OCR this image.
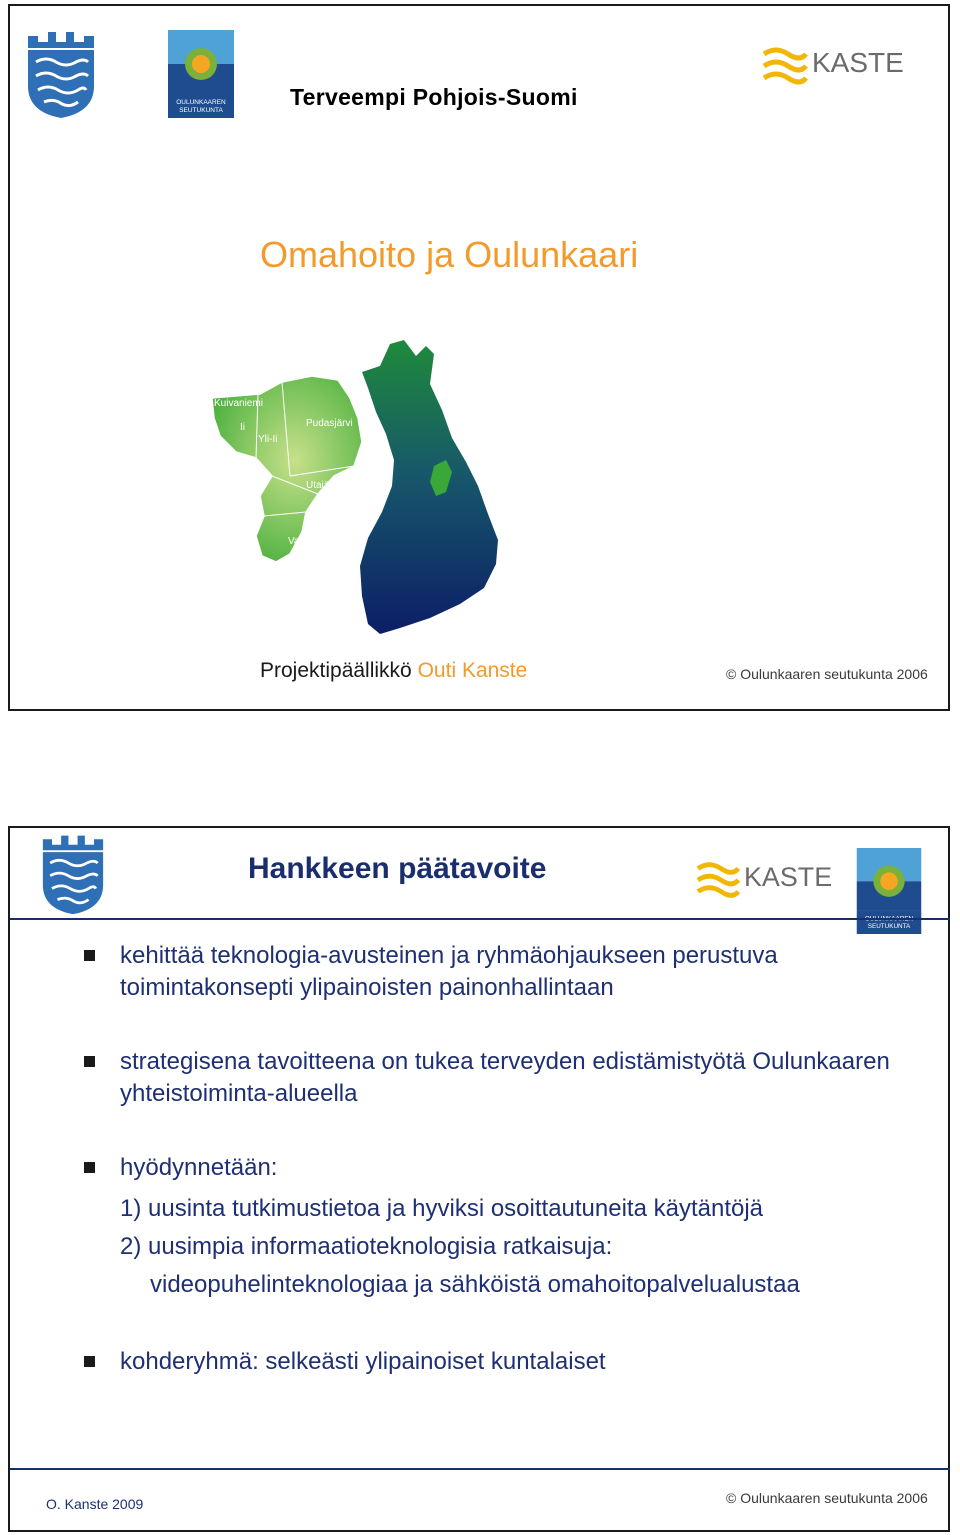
OULUNKAAREN
SEUTUKUNTA
Terveempi Pohjois-Suomi
KASTE
Omahoito ja Oulunkaari
Kuivaniemi
Ii
Yli-Ii
Pudasjärvi
Utajärvi
Vaala
Projektipäällikkö Outi Kanste	© Oulunkaaren seutukunta 2006
Hankkeen päätavoite	KASTE
SEUTUKUNTA
kehittää teknologia-avusteinen ja ryhmäohjaukseen perustuva toimintakonsepti ylipainoisten painonhallintaan
strategisena tavoitteena on tukea terveyden edistämistyötä Oulunkaaren yhteistoiminta-alueella
hyödynnetään:
1) uusinta tutkimustietoa ja hyviksi osoittautuneita käytäntöjä
2) uusimpia informaatioteknologisia ratkaisuja:
videopuhelinteknologiaa ja sähköistä omahoitopalvelualustaa
kohderyhmä: selkeästi ylipainoiset kuntalaiset
O. Kanste 2009	© Oulunkaaren seutukunta 2006
